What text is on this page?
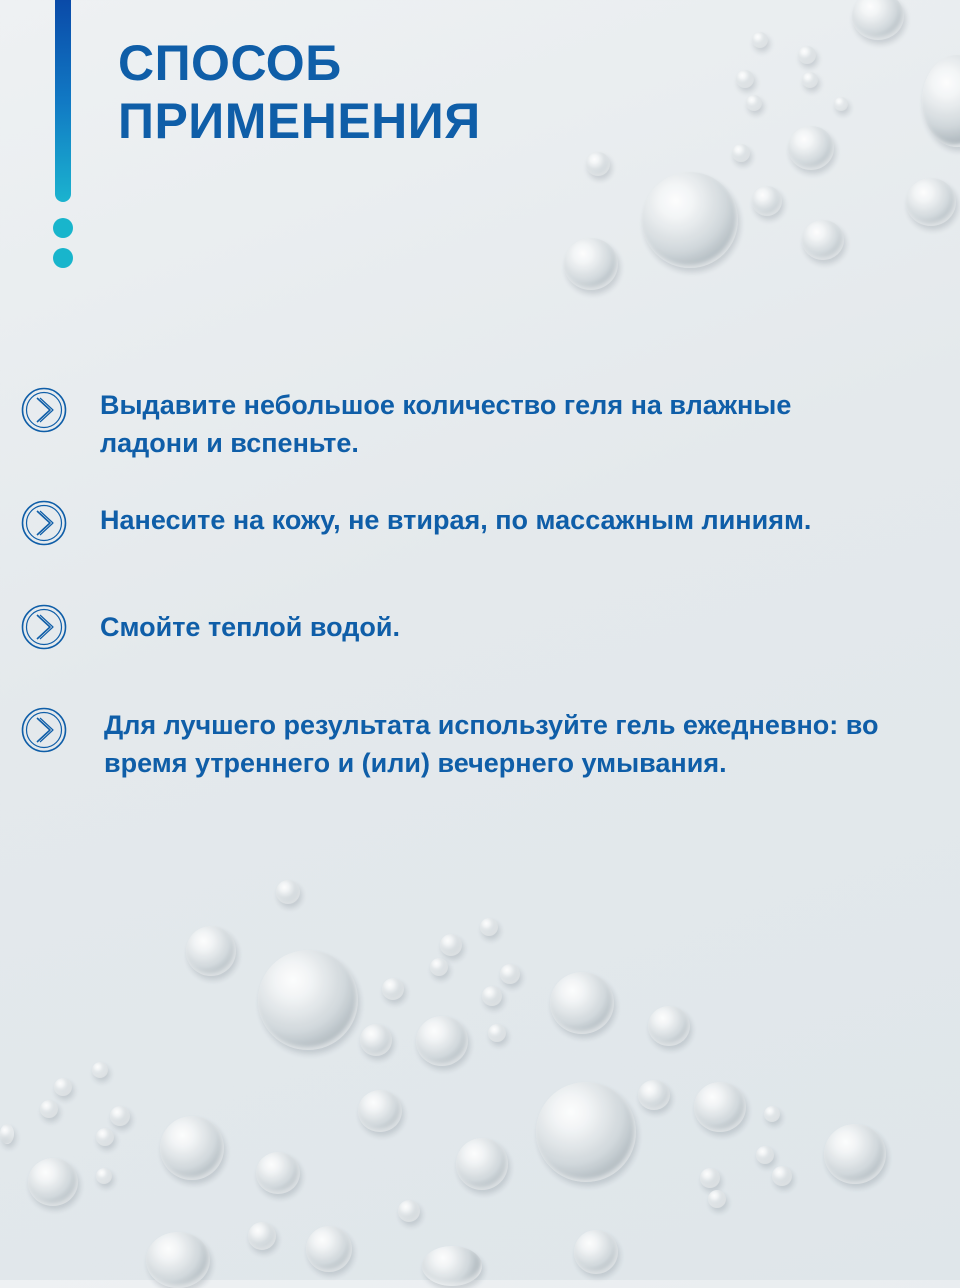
СПОСОБ
ПРИМЕНЕНИЯ

Выдавите небольшое количество геля на влажные ладони и вспеньте.

Нанесите на кожу, не втирая, по массажным линиям.

Смойте теплой водой.

Для лучшего результата используйте гель ежедневно: во время утреннего и (или) вечернего умывания.
